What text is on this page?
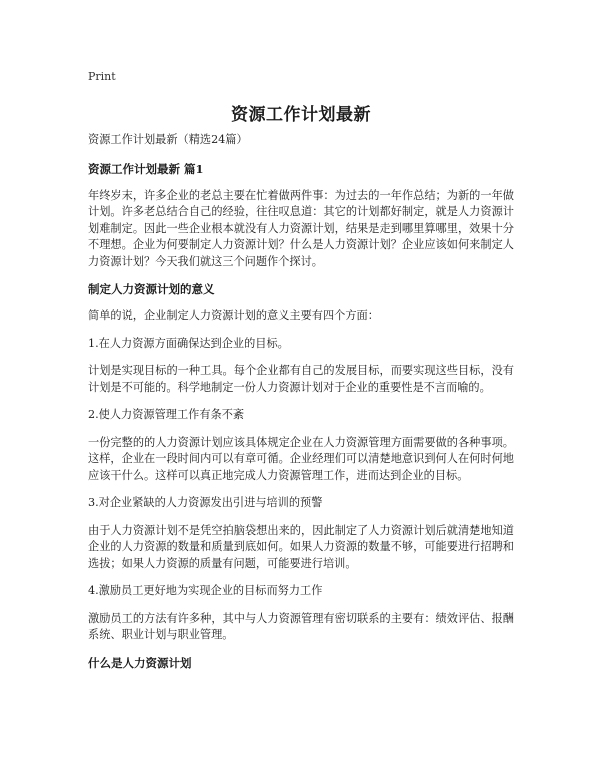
Print
资源工作计划最新

资源工作计划最新（精选24篇）

资源工作计划最新 篇1

年终岁末，许多企业的老总主要在忙着做两件事：为过去的一年作总结；为新的一年做计划。许多老总结合自己的经验，往往叹息道：其它的计划都好制定，就是人力资源计划难制定。因此一些企业根本就没有人力资源计划，结果是走到哪里算哪里，效果十分不理想。企业为何要制定人力资源计划？什么是人力资源计划？企业应该如何来制定人力资源计划？今天我们就这三个问题作个探讨。

制定人力资源计划的意义

简单的说，企业制定人力资源计划的意义主要有四个方面：

1.在人力资源方面确保达到企业的目标。

计划是实现目标的一种工具。每个企业都有自己的发展目标，而要实现这些目标，没有计划是不可能的。科学地制定一份人力资源计划对于企业的重要性是不言而喻的。

2.使人力资源管理工作有条不紊

一份完整的的人力资源计划应该具体规定企业在人力资源管理方面需要做的各种事项。这样，企业在一段时间内可以有章可循。企业经理们可以清楚地意识到何人在何时何地应该干什么。这样可以真正地完成人力资源管理工作，进而达到企业的目标。

3.对企业紧缺的人力资源发出引进与培训的预警

由于人力资源计划不是凭空拍脑袋想出来的，因此制定了人力资源计划后就清楚地知道企业的人力资源的数量和质量到底如何。如果人力资源的数量不够，可能要进行招聘和选拔；如果人力资源的质量有问题，可能要进行培训。

4.激励员工更好地为实现企业的目标而努力工作

激励员工的方法有许多种，其中与人力资源管理有密切联系的主要有：绩效评估、报酬系统、职业计划与职业管理。

什么是人力资源计划
